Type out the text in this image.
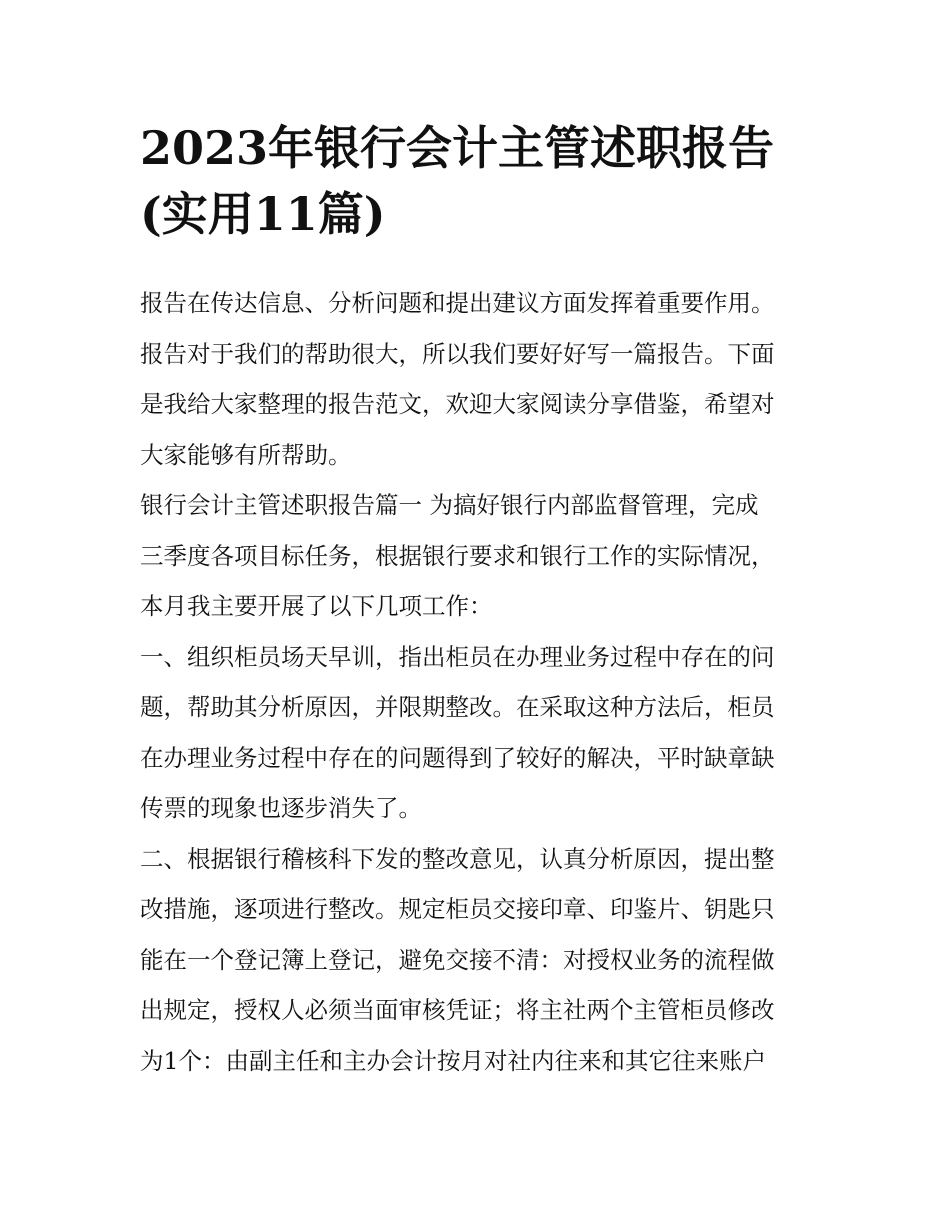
2023年银行会计主管述职报告
(实用11篇)
报告在传达信息、分析问题和提出建议方面发挥着重要作用。
报告对于我们的帮助很大，所以我们要好好写一篇报告。下面
是我给大家整理的报告范文，欢迎大家阅读分享借鉴，希望对
大家能够有所帮助。
银行会计主管述职报告篇一 为搞好银行内部监督管理，完成
三季度各项目标任务，根据银行要求和银行工作的实际情况，
本月我主要开展了以下几项工作：
一、组织柜员场天早训，指出柜员在办理业务过程中存在的问
题，帮助其分析原因，并限期整改。在采取这种方法后，柜员
在办理业务过程中存在的问题得到了较好的解决，平时缺章缺
传票的现象也逐步消失了。
二、根据银行稽核科下发的整改意见，认真分析原因，提出整
改措施，逐项进行整改。规定柜员交接印章、印鉴片、钥匙只
能在一个登记簿上登记，避免交接不清：对授权业务的流程做
出规定，授权人必须当面审核凭证；将主社两个主管柜员修改
为1个：由副主任和主办会计按月对社内往来和其它往来账户
